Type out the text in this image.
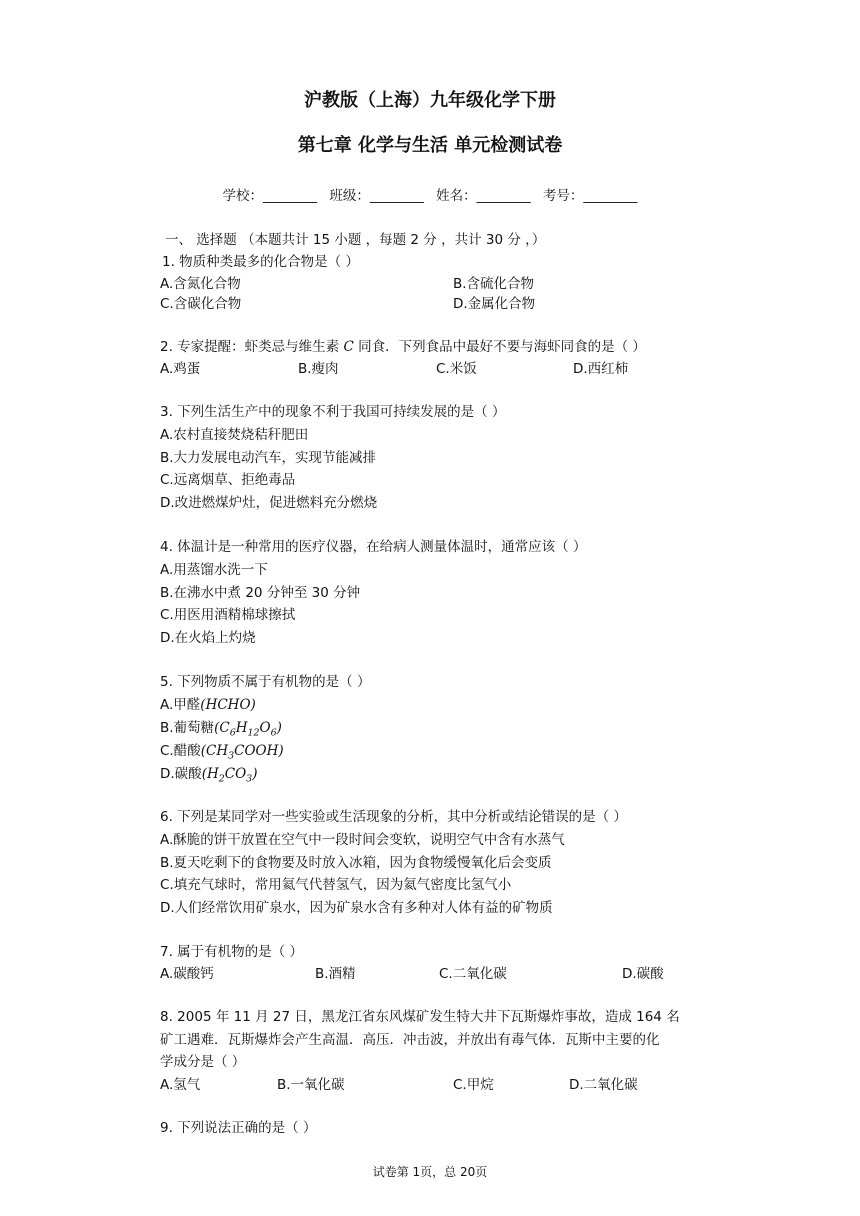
沪教版（上海）九年级化学下册
第七章 化学与生活 单元检测试卷
学校：________ 班级：________ 姓名：________ 考号：________
一、 选择题 （本题共计 15 小题 ，每题 2 分 ，共计 30 分 ，）
1. 物质种类最多的化合物是（ ）
A.含氮化合物	B.含硫化合物
C.含碳化合物	D.金属化合物
2. 专家提醒：虾类忌与维生素 C 同食．下列食品中最好不要与海虾同食的是（ ）
A.鸡蛋	B.瘦肉	C.米饭	D.西红柿
3. 下列生活生产中的现象不利于我国可持续发展的是（ ）
A.农村直接焚烧秸秆肥田
B.大力发展电动汽车，实现节能减排
C.远离烟草、拒绝毒品
D.改进燃煤炉灶，促进燃料充分燃烧
4. 体温计是一种常用的医疗仪器，在给病人测量体温时，通常应该（ ）
A.用蒸馏水洗一下
B.在沸水中煮 20 分钟至 30 分钟
C.用医用酒精棉球擦拭
D.在火焰上灼烧
5. 下列物质不属于有机物的是（ ）
A.甲醛(HCHO)
B.葡萄糖$(C_6H_{12}O_6)$
C.醋酸$(CH_3COOH)$
D.碳酸$(H_2CO_3)$
6. 下列是某同学对一些实验或生活现象的分析，其中分析或结论错误的是（ ）
A.酥脆的饼干放置在空气中一段时间会变软，说明空气中含有水蒸气
B.夏天吃剩下的食物要及时放入冰箱，因为食物缓慢氧化后会变质
C.填充气球时，常用氦气代替氢气，因为氦气密度比氢气小
D.人们经常饮用矿泉水，因为矿泉水含有多种对人体有益的矿物质
7. 属于有机物的是（ ）
A.碳酸钙	B.酒精	C.二氧化碳	D.碳酸
8. 2005 年 11 月 27 日，黑龙江省东风煤矿发生特大井下瓦斯爆炸事故，造成 164 名
矿工遇难．瓦斯爆炸会产生高温．高压．冲击波，并放出有毒气体．瓦斯中主要的化
学成分是（ ）
A.氢气	B.一氧化碳	C.甲烷	D.二氧化碳
9. 下列说法正确的是（ ）
试卷第 1页，总 20页
